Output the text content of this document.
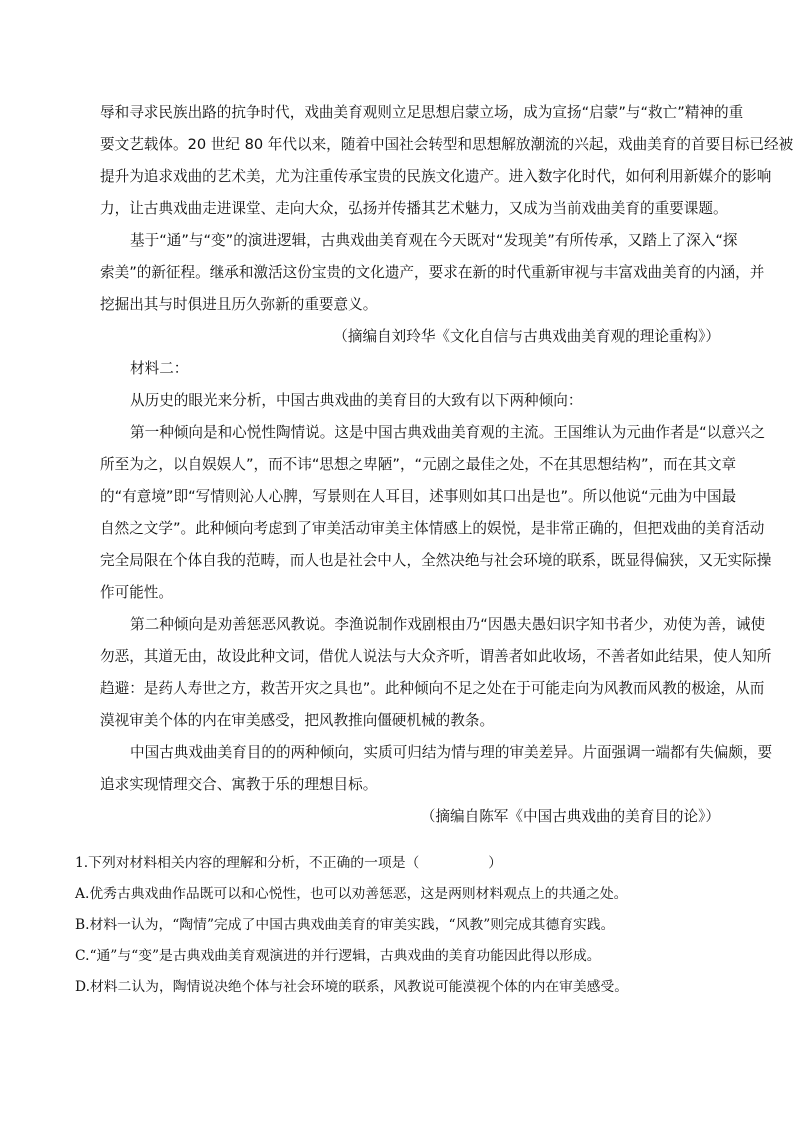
辱和寻求民族出路的抗争时代，戏曲美育观则立足思想启蒙立场，成为宣扬“启蒙”与“救亡”精神的重
要文艺载体。20 世纪 80 年代以来，随着中国社会转型和思想解放潮流的兴起，戏曲美育的首要目标已经被
提升为追求戏曲的艺术美，尤为注重传承宝贵的民族文化遗产。进入数字化时代，如何利用新媒介的影响
力，让古典戏曲走进课堂、走向大众，弘扬并传播其艺术魅力，又成为当前戏曲美育的重要课题。
基于“通”与“变”的演进逻辑，古典戏曲美育观在今天既对“发现美”有所传承，又踏上了深入“探
索美”的新征程。继承和激活这份宝贵的文化遗产，要求在新的时代重新审视与丰富戏曲美育的内涵，并
挖掘出其与时俱进且历久弥新的重要意义。
（摘编自刘玲华《文化自信与古典戏曲美育观的理论重构》）
材料二：
从历史的眼光来分析，中国古典戏曲的美育目的大致有以下两种倾向：
第一种倾向是和心悦性陶情说。这是中国古典戏曲美育观的主流。王国维认为元曲作者是“以意兴之
所至为之，以自娱娱人”，而不讳“思想之卑陋”，“元剧之最佳之处，不在其思想结构”，而在其文章
的“有意境”即“写情则沁人心脾，写景则在人耳目，述事则如其口出是也”。所以他说“元曲为中国最
自然之文学”。此种倾向考虑到了审美活动审美主体情感上的娱悦，是非常正确的，但把戏曲的美育活动
完全局限在个体自我的范畴，而人也是社会中人，全然决绝与社会环境的联系，既显得偏狭，又无实际操
作可能性。
第二种倾向是劝善惩恶风教说。李渔说制作戏剧根由乃“因愚夫愚妇识字知书者少，劝使为善，诫使
勿恶，其道无由，故设此种文词，借优人说法与大众齐听，谓善者如此收场，不善者如此结果，使人知所
趋避：是药人寿世之方，救苦开灾之具也”。此种倾向不足之处在于可能走向为风教而风教的极途，从而
漠视审美个体的内在审美感受，把风教推向僵硬机械的教条。
中国古典戏曲美育目的的两种倾向，实质可归结为情与理的审美差异。片面强调一端都有失偏颇，要
追求实现情理交合、寓教于乐的理想目标。
（摘编自陈军《中国古典戏曲的美育目的论》）
1.下列对材料相关内容的理解和分析，不正确的一项是（　　　　　）
A.优秀古典戏曲作品既可以和心悦性，也可以劝善惩恶，这是两则材料观点上的共通之处。
B.材料一认为，“陶情”完成了中国古典戏曲美育的审美实践，“风教”则完成其德育实践。
C.“通”与“变”是古典戏曲美育观演进的并行逻辑，古典戏曲的美育功能因此得以形成。
D.材料二认为，陶情说决绝个体与社会环境的联系，风教说可能漠视个体的内在审美感受。
